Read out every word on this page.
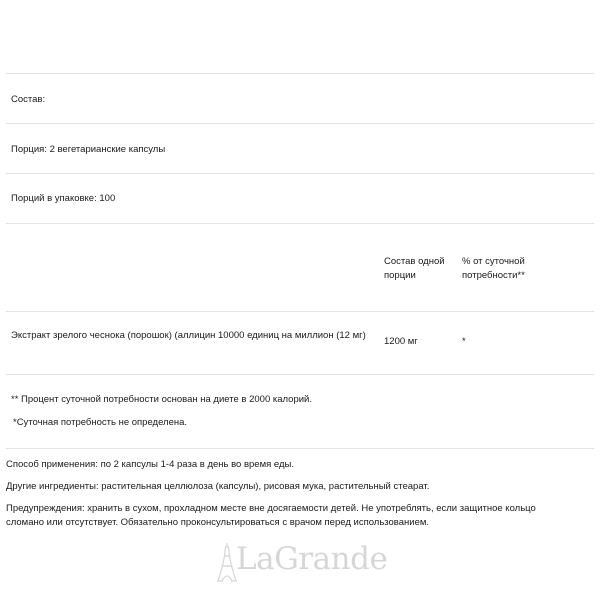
Состав:
Порция: 2 вегетарианские капсулы
Порций в упаковке: 100
Состав одной порции
% от суточной потребности**
Экстракт зрелого чеснока (порошок) (аллицин 10000 единиц на миллион (12 мг)
1200 мг	*
** Процент суточной потребности основан на диете в 2000 калорий.
*Суточная потребность не определена.
Способ применения: по 2 капсулы 1-4 раза в день во время еды.
Другие ингредиенты: растительная целлюлоза (капсулы), рисовая мука, растительный стеарат.
Предупреждения: хранить в сухом, прохладном месте вне досягаемости детей. Не употреблять, если защитное кольцо сломано или отсутствует. Обязательно проконсультироваться с врачом перед использованием.
LaGrande
